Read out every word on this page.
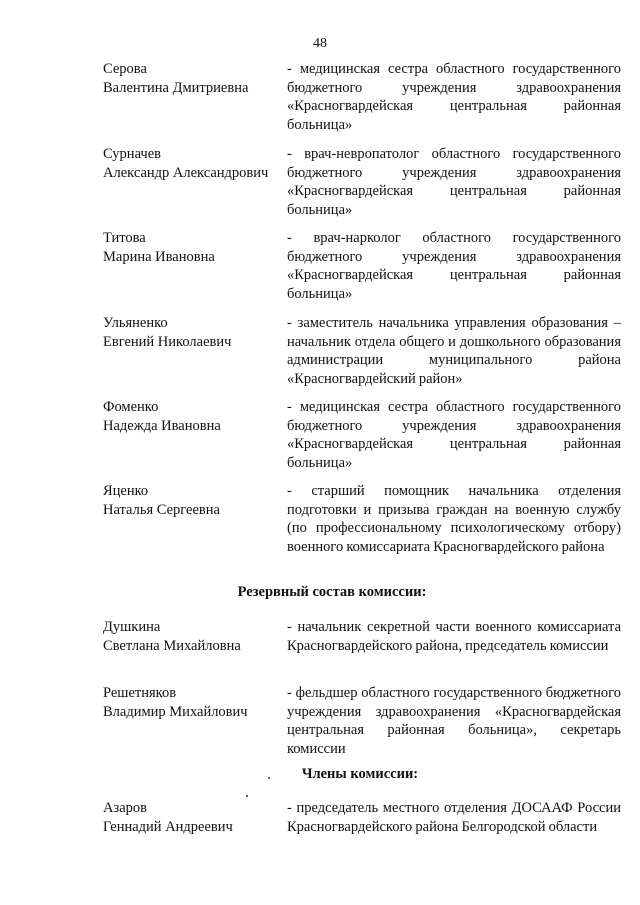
48
Серова
Валентина Дмитриевна
- медицинская сестра областного государственного бюджетного учреждения здравоохранения «Красногвардейская центральная районная больница»
Сурначев
Александр Александрович
- врач-невропатолог областного государственного бюджетного учреждения здравоохранения «Красногвардейская центральная районная больница»
Титова
Марина Ивановна
- врач-нарколог областного государственного бюджетного учреждения здравоохранения «Красногвардейская центральная районная больница»
Ульяненко
Евгений Николаевич
- заместитель начальника управления образования – начальник отдела общего и дошкольного образования администрации муниципального района «Красногвардейский район»
Фоменко
Надежда Ивановна
- медицинская сестра областного государственного бюджетного учреждения здравоохранения «Красногвардейская центральная районная больница»
Яценко
Наталья Сергеевна
- старший помощник начальника отделения подготовки и призыва граждан на военную службу (по профессиональному психологическому отбору) военного комиссариата Красногвардейского района
Резервный состав комиссии:
Душкина
Светлана Михайловна
- начальник секретной части военного комиссариата Красногвардейского района, председатель комиссии
Решетняков
Владимир Михайлович
- фельдшер областного государственного бюджетного учреждения здравоохранения «Красногвардейская центральная районная больница», секретарь комиссии
Члены комиссии:
Азаров
Геннадий Андреевич
- председатель местного отделения ДОСААФ России Красногвардейского района Белгородской области
